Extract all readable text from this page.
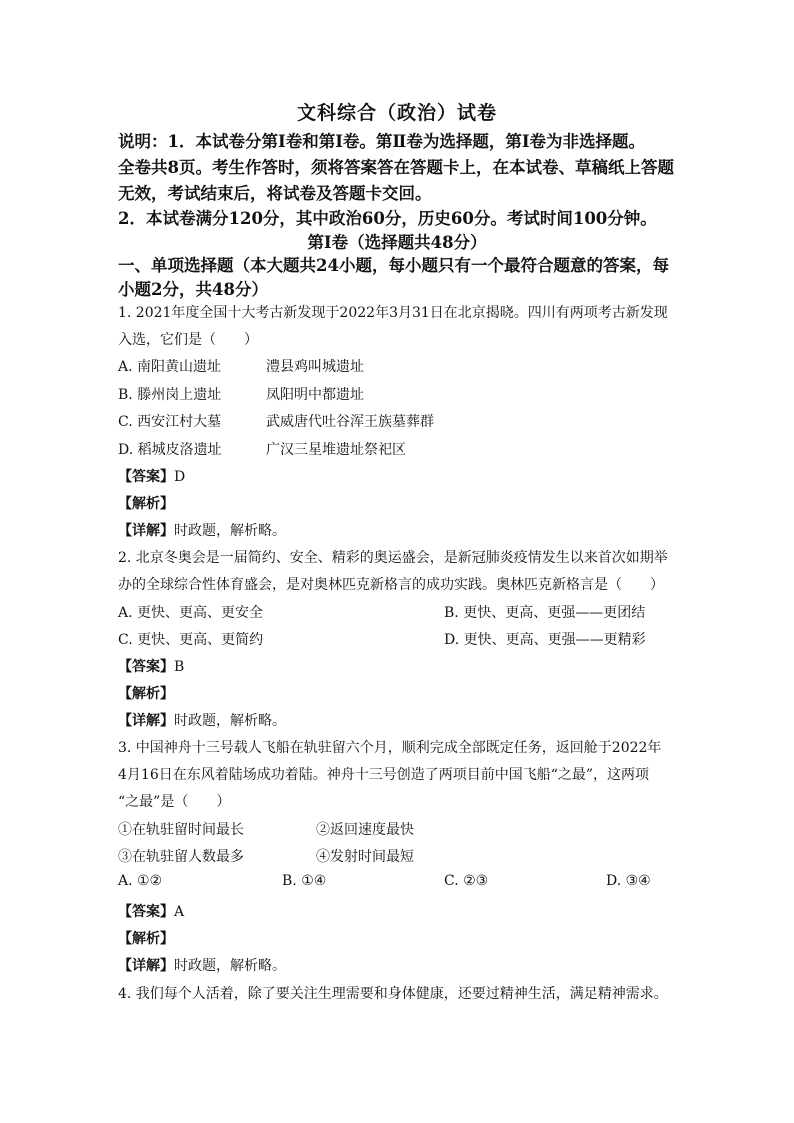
文科综合（政治）试卷
说明：1．本试卷分第Ⅰ卷和第Ⅰ卷。第Ⅱ卷为选择题，第Ⅰ卷为非选择题。
全卷共8页。考生作答时，须将答案答在答题卡上，在本试卷、草稿纸上答题
无效，考试结束后，将试卷及答题卡交回。
2．本试卷满分120分，其中政治60分，历史60分。考试时间100分钟。
第Ⅰ卷（选择题共48分）
一、单项选择题（本大题共24小题，每小题只有一个最符合题意的答案，每
小题2分，共48分）
1. 2021年度全国十大考古新发现于2022年3月31日在北京揭晓。四川有两项考古新发现
入选，它们是（　　）
A. 南阳黄山遗址	澧县鸡叫城遗址
B. 滕州岗上遗址	凤阳明中都遗址
C. 西安江村大墓	武威唐代吐谷浑王族墓葬群
D. 稻城皮洛遗址	广汉三星堆遗址祭祀区
【答案】D
【解析】
【详解】时政题，解析略。
2. 北京冬奥会是一届简约、安全、精彩的奥运盛会，是新冠肺炎疫情发生以来首次如期举
办的全球综合性体育盛会，是对奥林匹克新格言的成功实践。奥林匹克新格言是（　　）
A. 更快、更高、更安全	B. 更快、更高、更强——更团结
C. 更快、更高、更简约	D. 更快、更高、更强——更精彩
【答案】B
【解析】
【详解】时政题，解析略。
3. 中国神舟十三号载人飞船在轨驻留六个月，顺利完成全部既定任务，返回舱于2022年
4月16日在东风着陆场成功着陆。神舟十三号创造了两项目前中国飞船“之最”，这两项
“之最”是（　　）
①在轨驻留时间最长	②返回速度最快
③在轨驻留人数最多	④发射时间最短
A. ①②	B. ①④	C. ②③	D. ③④
【答案】A
【解析】
【详解】时政题，解析略。
4. 我们每个人活着，除了要关注生理需要和身体健康，还要过精神生活，满足精神需求。
